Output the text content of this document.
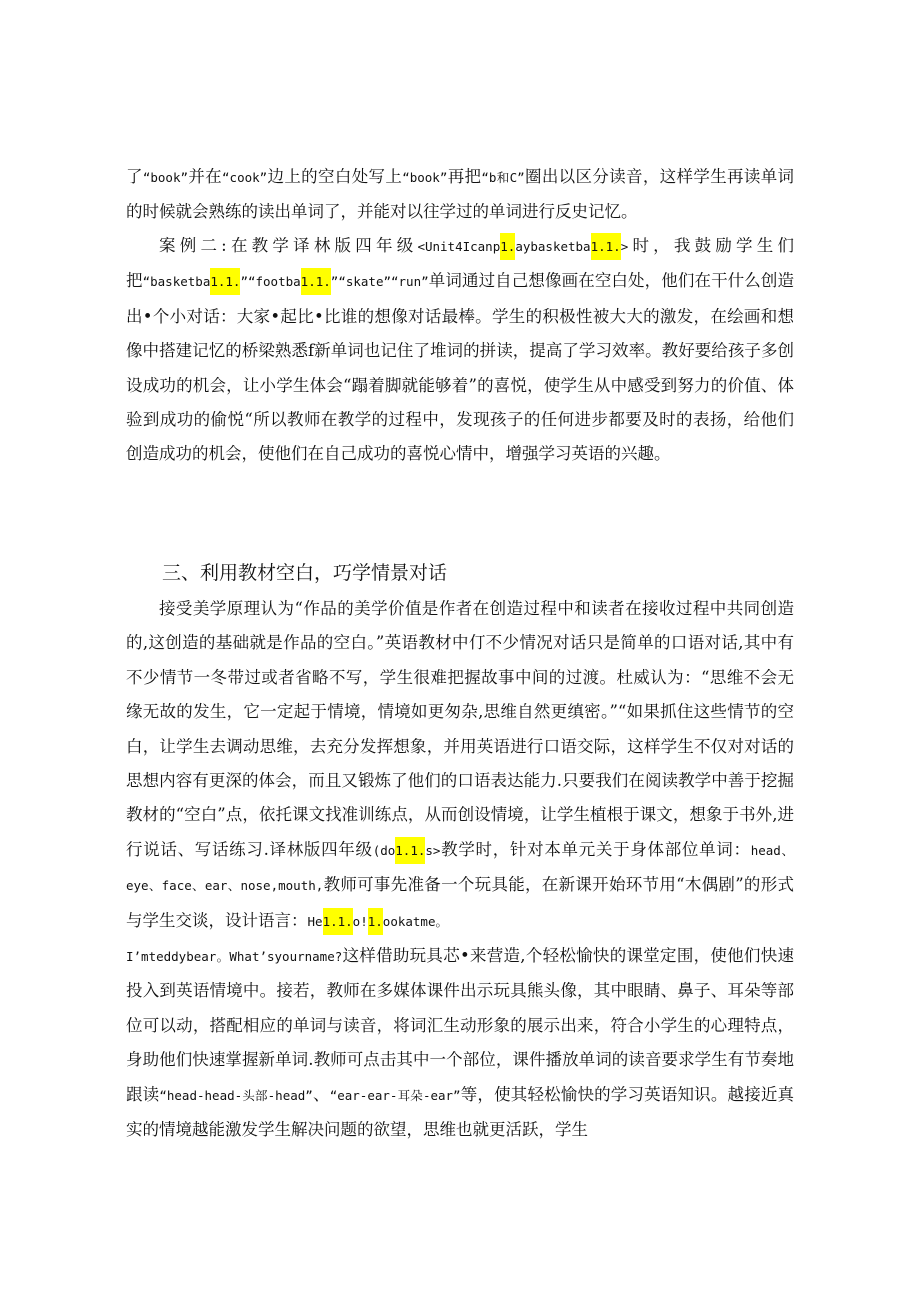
了“book”并在“cook”边上的空白处写上“book”再把“b和C”圈出以区分读音，这样学生再读单词的时候就会熟练的读出单词了，并能对以往学过的单词进行反史记忆。

案例二:在教学译林版四年级<Unit4Icanp1.aybasketba1.1.>时，我鼓励学生们把“basketba1.1.”“footba1.1.”“skate”“run”单词通过自己想像画在空白处，他们在干什么创造出•个小对话：大家•起比•比谁的想像对话最棒。学生的积极性被大大的激发，在绘画和想像中搭建记忆的桥梁熟悉f新单词也记住了堆词的拼读，提高了学习效率。教好要给孩子多创设成功的机会，让小学生体会“蹋着脚就能够着”的喜悦，使学生从中感受到努力的价值、体验到成功的偷悦“所以教师在教学的过程中，发现孩子的任何进步都要及时的表扬，给他们创造成功的机会，使他们在自己成功的喜悦心情中，增强学习英语的兴趣。

三、利用教材空白，巧学情景对话

接受美学原理认为“作品的美学价值是作者在创造过程中和读者在接收过程中共同创造的,这创造的基础就是作品的空白。”英语教材中仃不少情况对话只是简单的口语对话,其中有不少情节一冬带过或者省略不写，学生很难把握故事中间的过渡。杜威认为：“思维不会无缘无故的发生，它一定起于情境，情境如更匆杂,思维自然更缜密。”“如果抓住这些情节的空白，让学生去调动思维，去充分发挥想象，并用英语进行口语交际，这样学生不仅对对话的思想内容有更深的体会，而且又锻炼了他们的口语表达能力.只要我们在阅读教学中善于挖掘教材的“空白”点，依托课文找准训练点，从而创设情境，让学生植根于课文，想象于书外,进行说话、写话练习.译林版四年级(do1.1.s>教学时，针对本单元关于身体部位单词：head、eye、face、ear、nose,mouth,教师可事先准备一个玩具能，在新课开始环节用“木偶剧”的形式与学生交谈，设计语言：He1.1.o!1.ookatme。
I’mteddybear。What’syourname?这样借助玩具芯•来营造,个轻松愉快的课堂定围，使他们快速投入到英语情境中。接若，教师在多媒体课件出示玩具熊头像，其中眼睛、鼻子、耳朵等部位可以动，搭配相应的单词与读音，将词汇生动形象的展示出来，符合小学生的心理特点，身助他们快速掌握新单词.教师可点击其中一个部位，课件播放单词的读音要求学生有节奏地跟读“head-head-头部-head”、“ear-ear-耳朵-ear”等，使其轻松愉快的学习英语知识。越接近真实的情境越能激发学生解决问题的欲望，思维也就更活跃，学生
